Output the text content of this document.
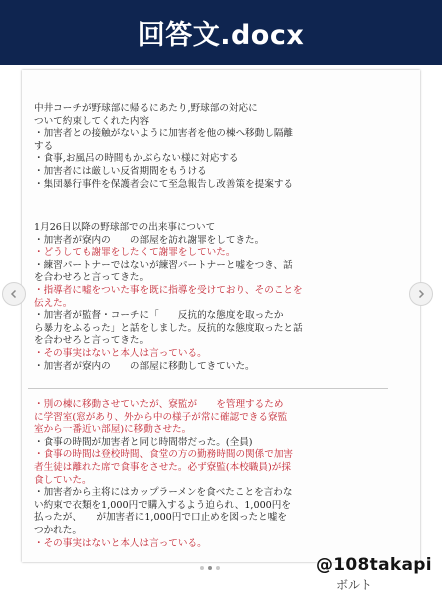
回答文.docx

中井コーチが野球部に帰るにあたり,野球部の対応に

ついて約束してくれた内容

・加害者との接触がないように加害者を他の棟へ移動し隔離

する

・食事,お風呂の時間もかぶらない様に対応する

・加害者には厳しい反省期間をもうける

・集団暴行事件を保護者会にて至急報告し改善策を提案する

1月26日以降の野球部での出来事について

・加害者が寮内の　　の部屋を訪れ謝罪をしてきた。

・どうしても謝罪をしたくて謝罪をしていた。

・練習パートナーではないが練習パートナーと嘘をつき、話

を合わせろと言ってきた。

・指導者に嘘をついた事を既に指導を受けており、そのことを

伝えた。

・加害者が監督・コーチに「　　反抗的な態度を取ったか

ら暴力をふるった」と話をしました。反抗的な態度取ったと話

を合わせろと言ってきた。

・その事実はないと本人は言っている。

・加害者が寮内の　　の部屋に移動してきていた。

・別の棟に移動させていたが、寮監が　　を管理するため

に学習室(窓があり、外から中の様子が常に確認できる寮監

室から一番近い部屋)に移動させた。

・食事の時間が加害者と同じ時間帯だった。(全員)

・食事の時間は登校時間、食堂の方の勤務時間の関係で加害

者生徒は離れた席で食事をさせた。必ず寮監(本校職員)が採

食していた。

・加害者から主将にはカップラーメンを食べたことを言わな

い約束で衣類を1,000円で購入するよう迫られ、1,000円を

払ったが、　　が加害者に1,000円で口止めを図ったと嘘を

つかれた。

・その事実はないと本人は言っている。

@108takapi
ボルト
